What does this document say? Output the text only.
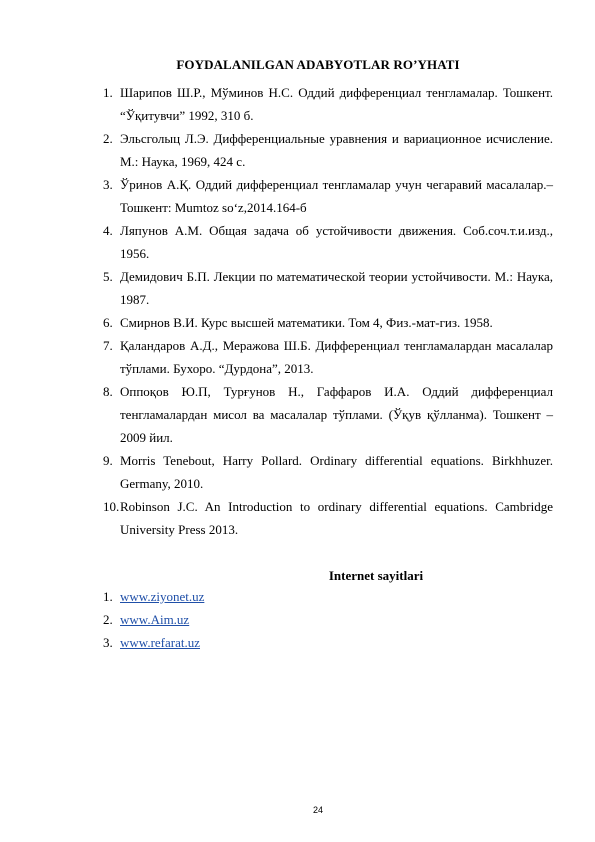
FOYDALANILGAN ADABYOTLAR RO’YHATI
1. Шарипов Ш.Р., Мўминов Н.С. Оддий дифференциал тенгламалар. Тошкент. “Ўқитувчи” 1992, 310 б.
2. Эльсголыц Л.Э. Дифференциальные уравнения и вариационное исчисление. М.: Наука, 1969, 424 с.
3. Ўринов А.Қ. Оддий дифференциал тенгламалар учун чегаравий масалалар.–Тошкент: Mumtoz so‘z,2014.164-б
4. Ляпунов А.М. Общая задача об устойчивости движения. Соб.соч.т.и.изд., 1956.
5. Демидович Б.П. Лекции по математической теории устойчивости. М.: Наука, 1987.
6. Смирнов В.И. Курс высшей математики. Том 4, Физ.-мат-гиз. 1958.
7. Қаландаров А.Д., Меражова Ш.Б. Дифференциал тенгламалардан масалалар тўплами. Бухоро. “Дурдона”, 2013.
8. Оппоқов Ю.П, Турғунов Н., Гаффаров И.А. Оддий дифференциал тенгламалардан мисол ва масалалар тўплами. (Ўқув қўлланма). Тошкент – 2009 йил.
9. Morris Tenebout, Harry Pollard. Ordinary differential equations. Birkhhuzer. Germany, 2010.
10. Robinson J.C. An Introduction to ordinary differential equations. Cambridge University Press 2013.
Internet sayitlari
1. www.ziyonet.uz
2. www.Aim.uz
3. www.refarat.uz
24
